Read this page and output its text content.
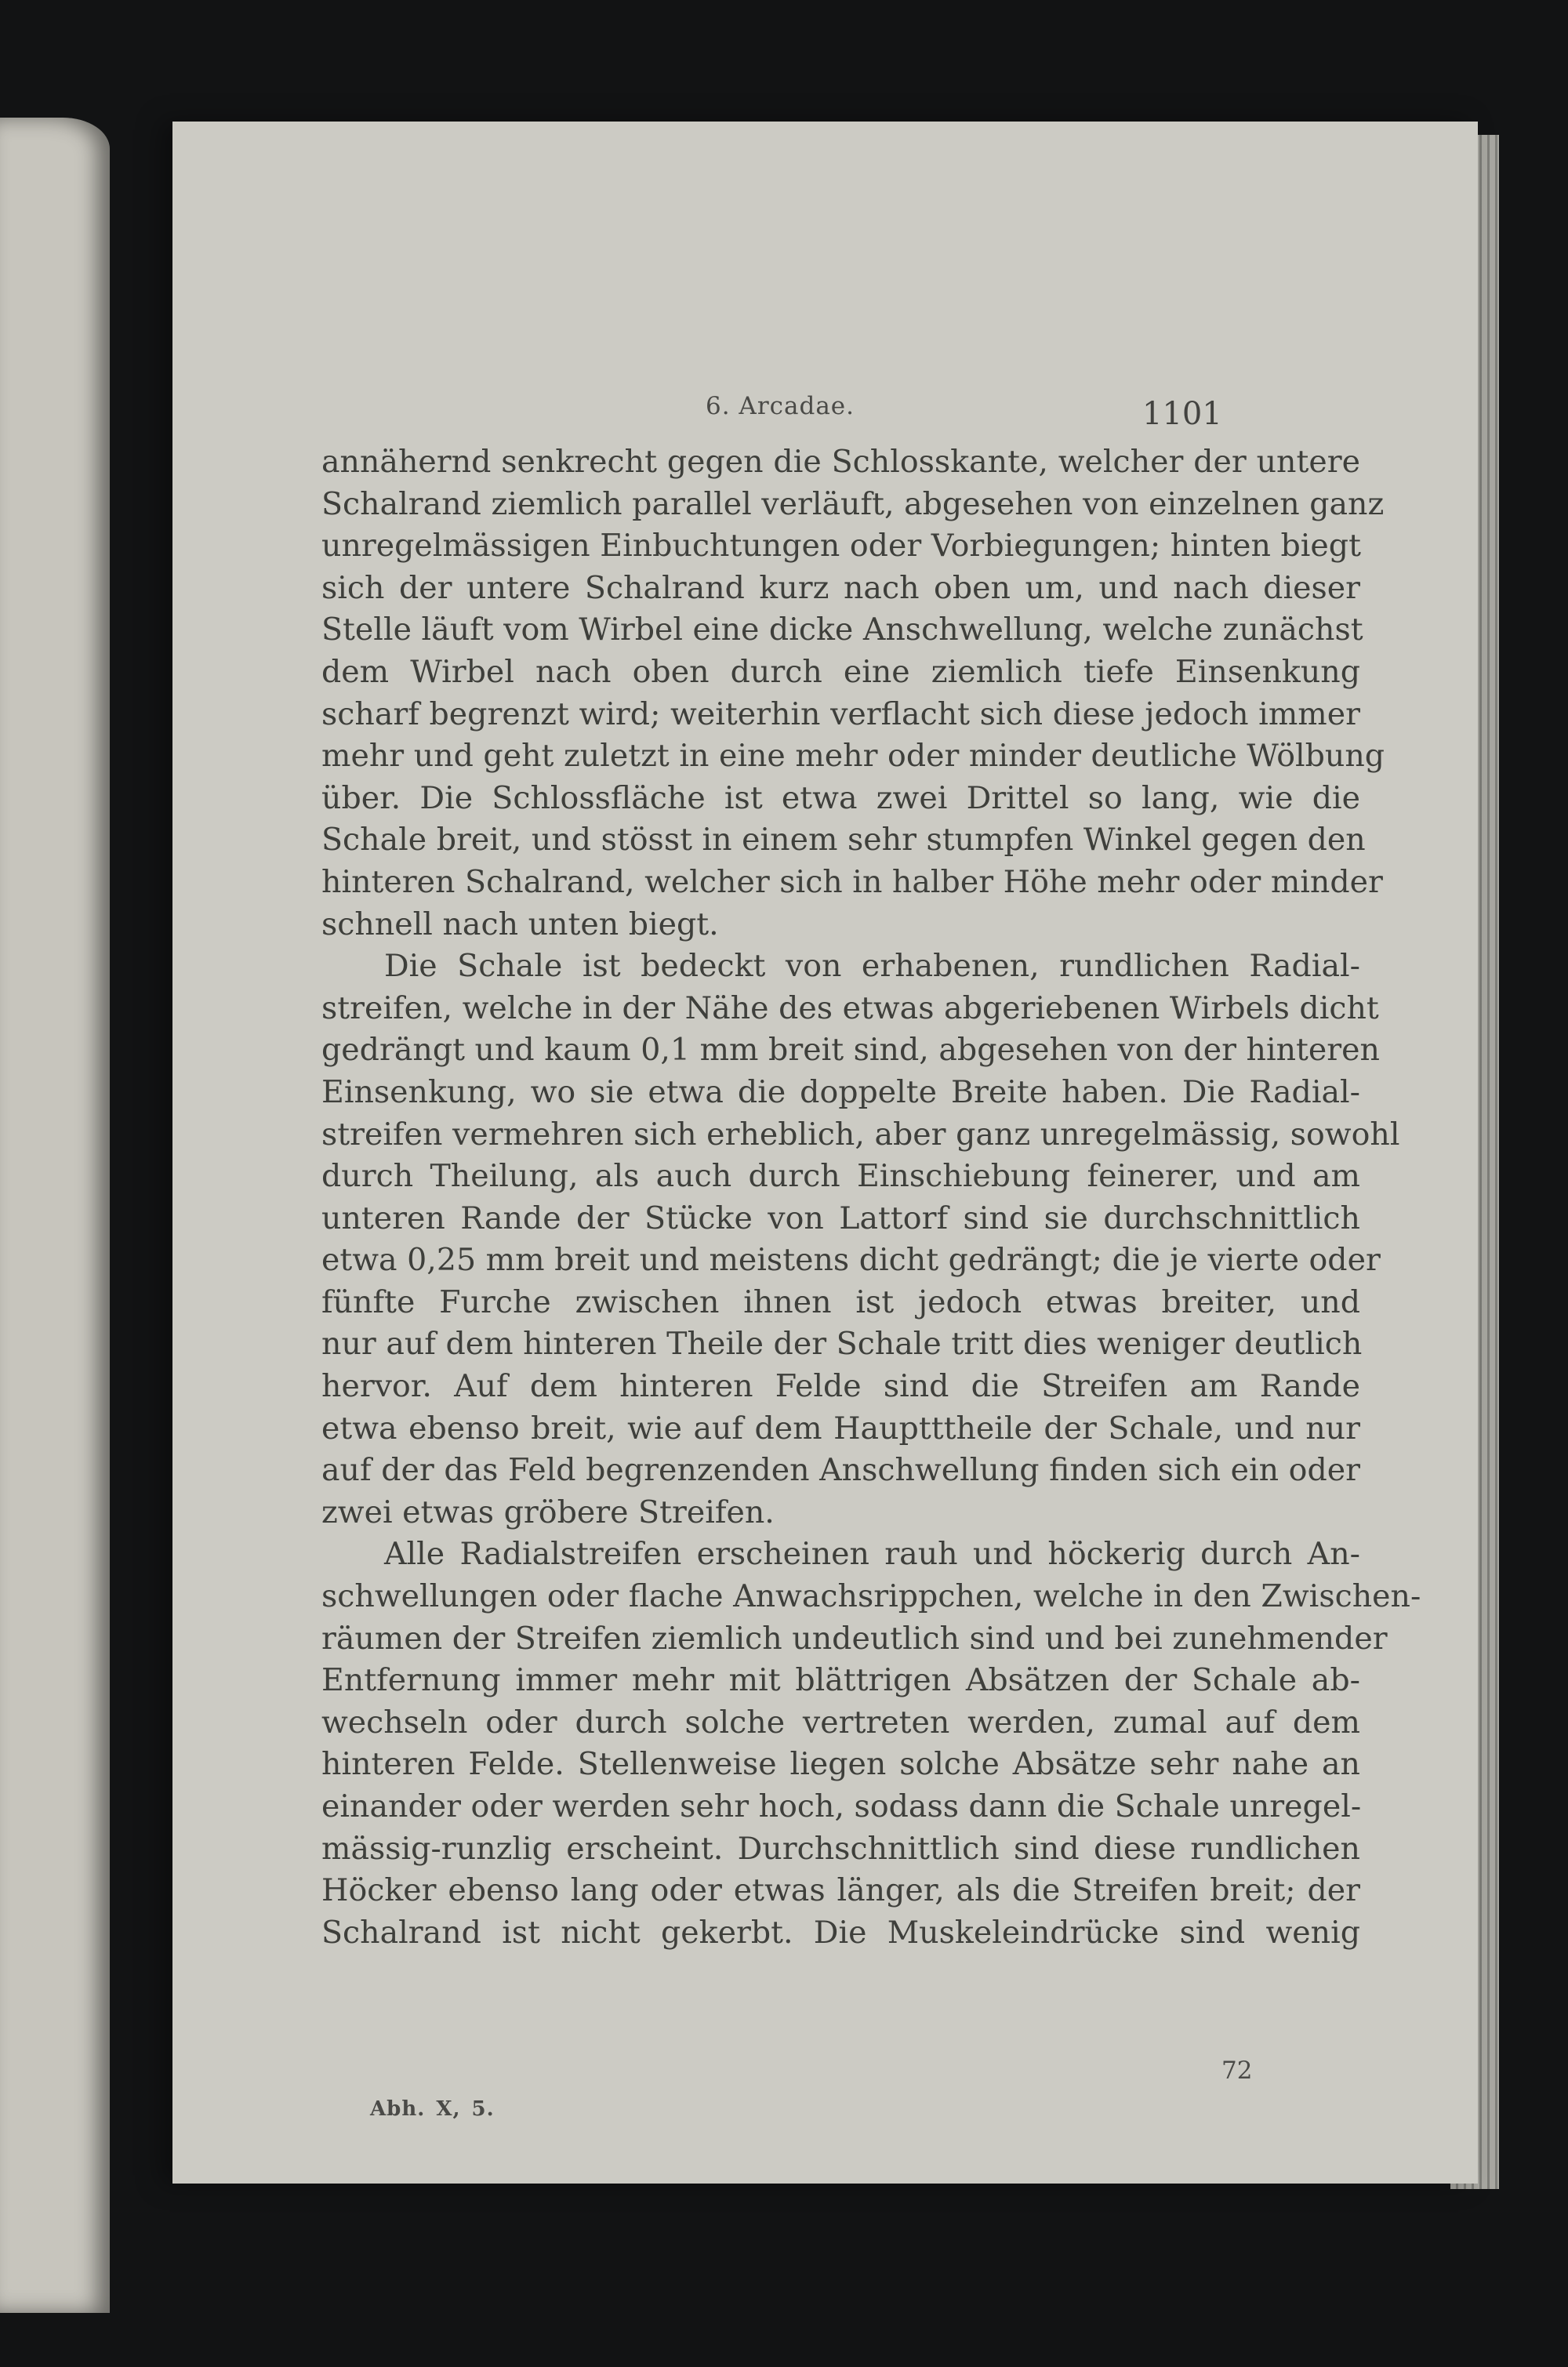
6. Arcadae.	1101
annähernd senkrecht gegen die Schlosskante, welcher der untere
Schalrand ziemlich parallel verläuft, abgesehen von einzelnen ganz
unregelmässigen Einbuchtungen oder Vorbiegungen; hinten biegt
sich der untere Schalrand kurz nach oben um, und nach dieser
Stelle läuft vom Wirbel eine dicke Anschwellung, welche zunächst
dem Wirbel nach oben durch eine ziemlich tiefe Einsenkung
scharf begrenzt wird; weiterhin verflacht sich diese jedoch immer
mehr und geht zuletzt in eine mehr oder minder deutliche Wölbung
über. Die Schlossfläche ist etwa zwei Drittel so lang, wie die
Schale breit, und stösst in einem sehr stumpfen Winkel gegen den
hinteren Schalrand, welcher sich in halber Höhe mehr oder minder
schnell nach unten biegt.
Die Schale ist bedeckt von erhabenen, rundlichen Radial-
streifen, welche in der Nähe des etwas abgeriebenen Wirbels dicht
gedrängt und kaum 0,1 mm breit sind, abgesehen von der hinteren
Einsenkung, wo sie etwa die doppelte Breite haben. Die Radial-
streifen vermehren sich erheblich, aber ganz unregelmässig, sowohl
durch Theilung, als auch durch Einschiebung feinerer, und am
unteren Rande der Stücke von Lattorf sind sie durchschnittlich
etwa 0,25 mm breit und meistens dicht gedrängt; die je vierte oder
fünfte Furche zwischen ihnen ist jedoch etwas breiter, und
nur auf dem hinteren Theile der Schale tritt dies weniger deutlich
hervor. Auf dem hinteren Felde sind die Streifen am Rande
etwa ebenso breit, wie auf dem Hauptttheile der Schale, und nur
auf der das Feld begrenzenden Anschwellung finden sich ein oder
zwei etwas gröbere Streifen.
Alle Radialstreifen erscheinen rauh und höckerig durch An-
schwellungen oder flache Anwachsrippchen, welche in den Zwischen-
räumen der Streifen ziemlich undeutlich sind und bei zunehmender
Entfernung immer mehr mit blättrigen Absätzen der Schale ab-
wechseln oder durch solche vertreten werden, zumal auf dem
hinteren Felde. Stellenweise liegen solche Absätze sehr nahe an
einander oder werden sehr hoch, sodass dann die Schale unregel-
mässig-runzlig erscheint. Durchschnittlich sind diese rundlichen
Höcker ebenso lang oder etwas länger, als die Streifen breit; der
Schalrand ist nicht gekerbt. Die Muskeleindrücke sind wenig
72
Abh. X, 5.
